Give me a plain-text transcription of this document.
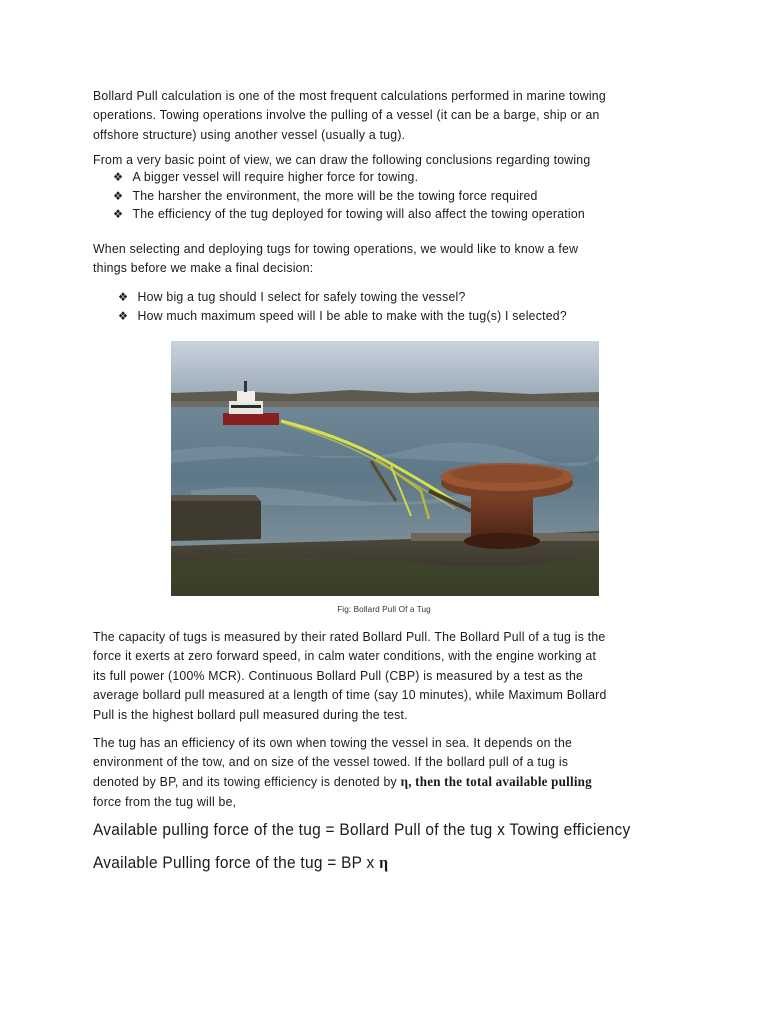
Bollard Pull calculation is one of the most frequent calculations performed in marine towing
operations. Towing operations involve the pulling of a vessel (it can be a barge, ship or an
offshore structure) using another vessel (usually a tug).
From a very basic point of view, we can draw the following conclusions regarding towing
❖ A bigger vessel will require higher force for towing.
❖ The harsher the environment, the more will be the towing force required
❖ The efficiency of the tug deployed for towing will also affect the towing operation
When selecting and deploying tugs for towing operations, we would like to know a few
things before we make a final decision:
❖ How big a tug should I select for safely towing the vessel?
❖ How much maximum speed will I be able to make with the tug(s) I selected?
Fig: Bollard Pull Of a Tug
The capacity of tugs is measured by their rated Bollard Pull. The Bollard Pull of a tug is the
force it exerts at zero forward speed, in calm water conditions, with the engine working at
its full power (100% MCR). Continuous Bollard Pull (CBP) is measured by a test as the
average bollard pull measured at a length of time (say 10 minutes), while Maximum Bollard
Pull is the highest bollard pull measured during the test.
The tug has an efficiency of its own when towing the vessel in sea. It depends on the
environment of the tow, and on size of the vessel towed. If the bollard pull of a tug is
denoted by BP, and its towing efficiency is denoted by η, then the total available pulling
force from the tug will be,

Available pulling force of the tug = Bollard Pull of the tug x Towing efficiency

Available Pulling force of the tug = BP x η
